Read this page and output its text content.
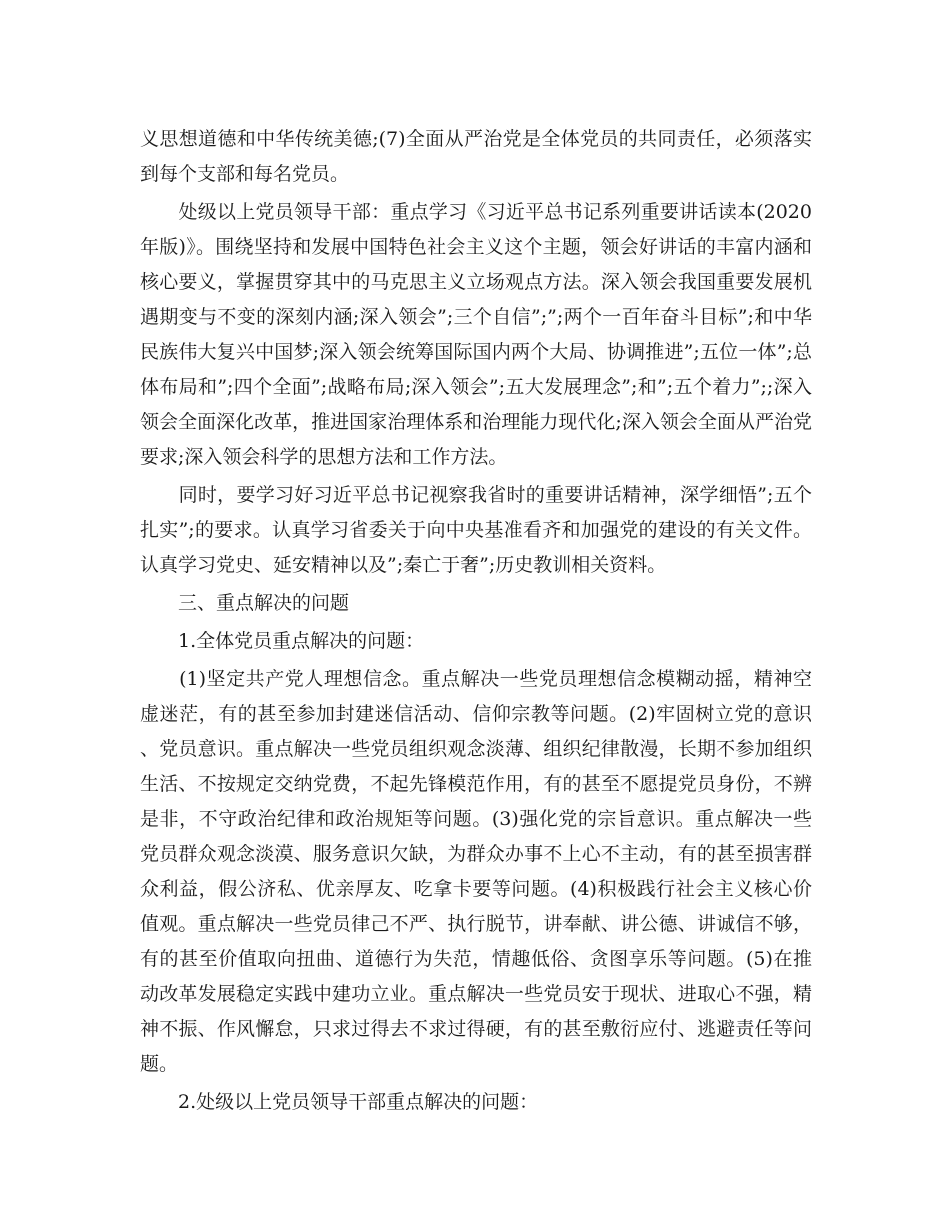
义思想道德和中华传统美德;(7)全面从严治党是全体党员的共同责任，必须落实到每个支部和每名党员。

　　处级以上党员领导干部：重点学习《习近平总书记系列重要讲话读本(2020年版)》。围绕坚持和发展中国特色社会主义这个主题，领会好讲话的丰富内涵和核心要义，掌握贯穿其中的马克思主义立场观点方法。深入领会我国重要发展机遇期变与不变的深刻内涵;深入领会”;三个自信”;”;两个一百年奋斗目标”;和中华民族伟大复兴中国梦;深入领会统筹国际国内两个大局、协调推进”;五位一体”;总体布局和”;四个全面”;战略布局;深入领会”;五大发展理念”;和”;五个着力”;;深入领会全面深化改革，推进国家治理体系和治理能力现代化;深入领会全面从严治党要求;深入领会科学的思想方法和工作方法。

　　同时，要学习好习近平总书记视察我省时的重要讲话精神，深学细悟”;五个扎实”;的要求。认真学习省委关于向中央基准看齐和加强党的建设的有关文件。认真学习党史、延安精神以及”;秦亡于奢”;历史教训相关资料。

　　三、重点解决的问题

　　1.全体党员重点解决的问题：

　　(1)坚定共产党人理想信念。重点解决一些党员理想信念模糊动摇，精神空虚迷茫，有的甚至参加封建迷信活动、信仰宗教等问题。(2)牢固树立党的意识、党员意识。重点解决一些党员组织观念淡薄、组织纪律散漫，长期不参加组织生活、不按规定交纳党费，不起先锋模范作用，有的甚至不愿提党员身份，不辨是非，不守政治纪律和政治规矩等问题。(3)强化党的宗旨意识。重点解决一些党员群众观念淡漠、服务意识欠缺，为群众办事不上心不主动，有的甚至损害群众利益，假公济私、优亲厚友、吃拿卡要等问题。(4)积极践行社会主义核心价值观。重点解决一些党员律己不严、执行脱节，讲奉献、讲公德、讲诚信不够，有的甚至价值取向扭曲、道德行为失范，情趣低俗、贪图享乐等问题。(5)在推动改革发展稳定实践中建功立业。重点解决一些党员安于现状、进取心不强，精神不振、作风懈怠，只求过得去不求过得硬，有的甚至敷衍应付、逃避责任等问题。

　　2.处级以上党员领导干部重点解决的问题：
